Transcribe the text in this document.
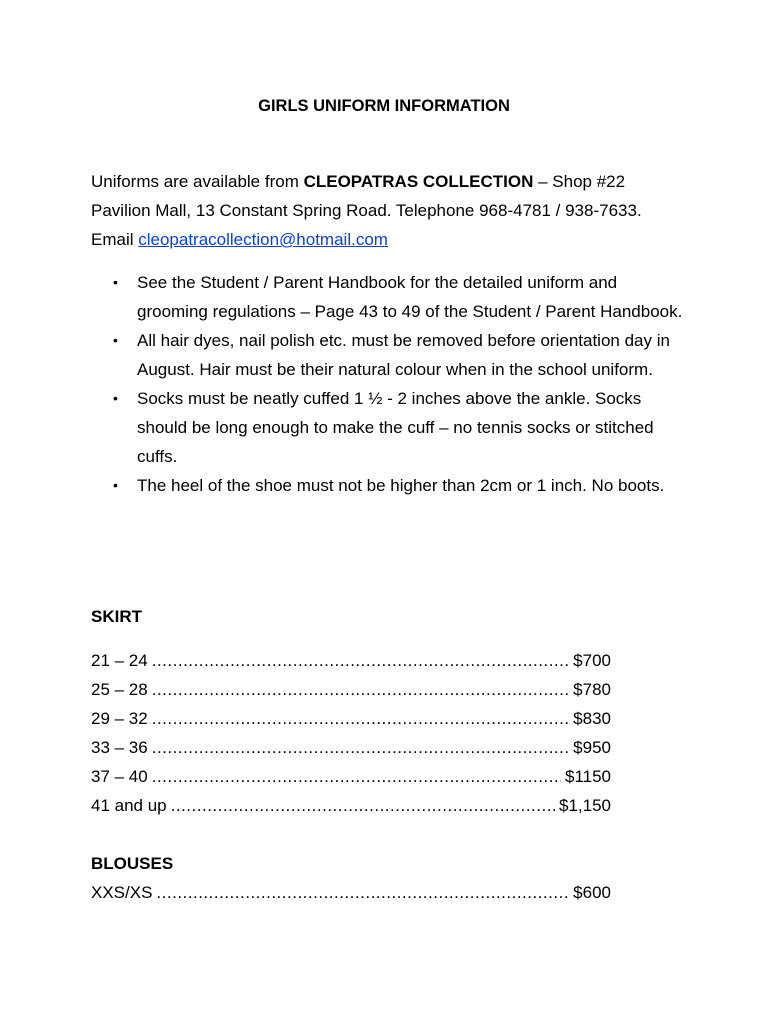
GIRLS UNIFORM INFORMATION
Uniforms are available from CLEOPATRAS COLLECTION – Shop #22 Pavilion Mall, 13 Constant Spring Road. Telephone 968-4781 / 938-7633. Email cleopatracollection@hotmail.com
• See the Student / Parent Handbook for the detailed uniform and grooming regulations – Page 43 to 49 of the Student / Parent Handbook.
• All hair dyes, nail polish etc. must be removed before orientation day in August. Hair must be their natural colour when in the school uniform.
• Socks must be neatly cuffed 1 ½ - 2 inches above the ankle. Socks should be long enough to make the cuff – no tennis socks or stitched cuffs.
• The heel of the shoe must not be higher than 2cm or 1 inch. No boots.
SKIRT
21 – 24 .....	$700
25 – 28 .....	$780
29 – 32 .....	$830
33 – 36 .....	$950
37 – 40 .....	$1150
41 and up .....	$1,150
BLOUSES
XXS/XS .....	$600
